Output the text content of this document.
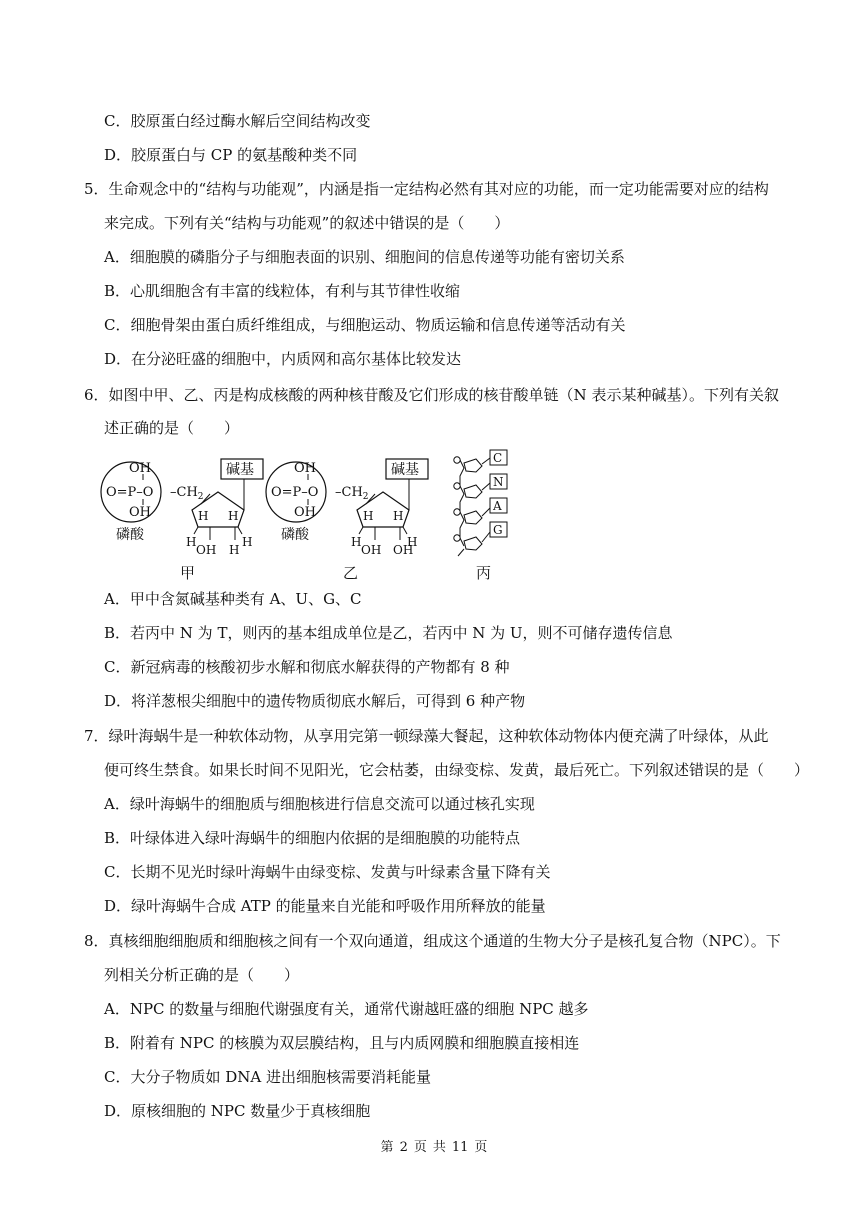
C．胶原蛋白经过酶水解后空间结构改变
D．胶原蛋白与 CP 的氨基酸种类不同
5．生命观念中的“结构与功能观”，内涵是指一定结构必然有其对应的功能，而一定功能需要对应的结构
来完成。下列有关“结构与功能观”的叙述中错误的是（　　）
A．细胞膜的磷脂分子与细胞表面的识别、细胞间的信息传递等功能有密切关系
B．心肌细胞含有丰富的线粒体，有利与其节律性收缩
C．细胞骨架由蛋白质纤维组成，与细胞运动、物质运输和信息传递等活动有关
D．在分泌旺盛的细胞中，内质网和高尔基体比较发达
6．如图中甲、乙、丙是构成核酸的两种核苷酸及它们形成的核苷酸单链（N 表示某种碱基）。下列有关叙
述正确的是（　　）
OH
O=P–O
OH
$-CH_2$
磷酸
碱基
H H
H	H
OH H
甲
OH
O=P–O
OH
$-CH_2$
磷酸
碱基
H H
H	H
OH OH
乙
C
N
A
G
丙
A．甲中含氮碱基种类有 A、U、G、C
B．若丙中 N 为 T，则丙的基本组成单位是乙，若丙中 N 为 U，则不可储存遗传信息
C．新冠病毒的核酸初步水解和彻底水解获得的产物都有 8 种
D．将洋葱根尖细胞中的遗传物质彻底水解后，可得到 6 种产物
7．绿叶海蜗牛是一种软体动物，从享用完第一顿绿藻大餐起，这种软体动物体内便充满了叶绿体，从此
便可终生禁食。如果长时间不见阳光，它会枯萎，由绿变棕、发黄，最后死亡。下列叙述错误的是（　　）
A．绿叶海蜗牛的细胞质与细胞核进行信息交流可以通过核孔实现
B．叶绿体进入绿叶海蜗牛的细胞内依据的是细胞膜的功能特点
C．长期不见光时绿叶海蜗牛由绿变棕、发黄与叶绿素含量下降有关
D．绿叶海蜗牛合成 ATP 的能量来自光能和呼吸作用所释放的能量
8．真核细胞细胞质和细胞核之间有一个双向通道，组成这个通道的生物大分子是核孔复合物（NPC）。下
列相关分析正确的是（　　）
A．NPC 的数量与细胞代谢强度有关，通常代谢越旺盛的细胞 NPC 越多
B．附着有 NPC 的核膜为双层膜结构，且与内质网膜和细胞膜直接相连
C．大分子物质如 DNA 进出细胞核需要消耗能量
D．原核细胞的 NPC 数量少于真核细胞
第 2 页 共 11 页
